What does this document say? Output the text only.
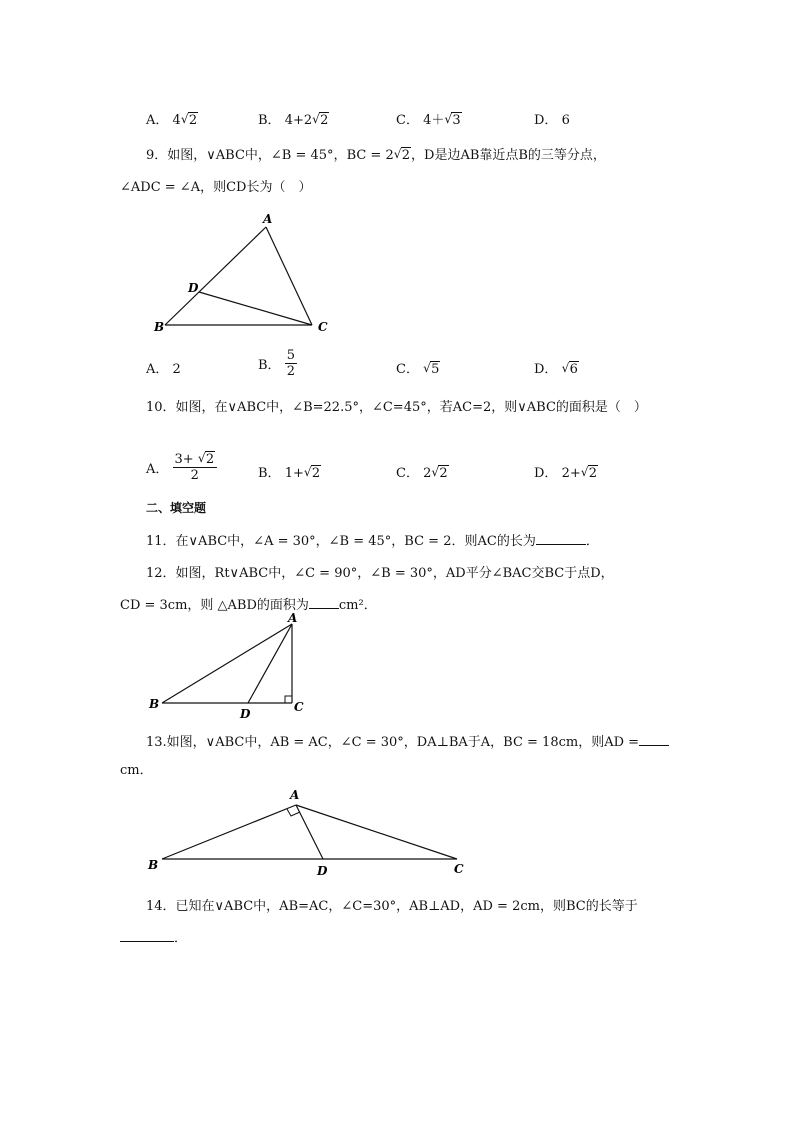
A． 4 √ 2	B． 4+2 √ 2	C． 4＋ √ 3	D． 6
9．如图，∨ABC中，∠B = 45°，BC = 2 √ 2，D是边AB靠近点B的三等分点，
∠ADC = ∠A，则CD长为（　）
A
D
B	C
A． 2	B． $\frac{5}{2}$	C． √ 5	D． √ 6
10．如图，在∨ABC中，∠B=22.5°，∠C=45°，若AC=2，则∨ABC的面积是（　）
A． $\frac{3+ √ 2}{2}$	B． 1+ √ 2	C． 2 √ 2	D． 2+ √ 2
二、填空题
11．在∨ABC中，∠A = 30°，∠B = 45°，BC = 2．则AC的长为	．
12．如图，Rt∨ABC中，∠C = 90°，∠B = 30°，AD平分∠BAC交BC于点D，
CD = 3cm，则 △ABD的面积为 cm²．
A
B
D	C
13.如图，∨ABC中，AB = AC，∠C = 30°，DA⊥BA于A，BC = 18cm，则AD =
cm．
A
B	D	C
14．已知在∨ABC中，AB=AC，∠C=30°，AB⊥AD，AD = 2cm，则BC的长等于
．
